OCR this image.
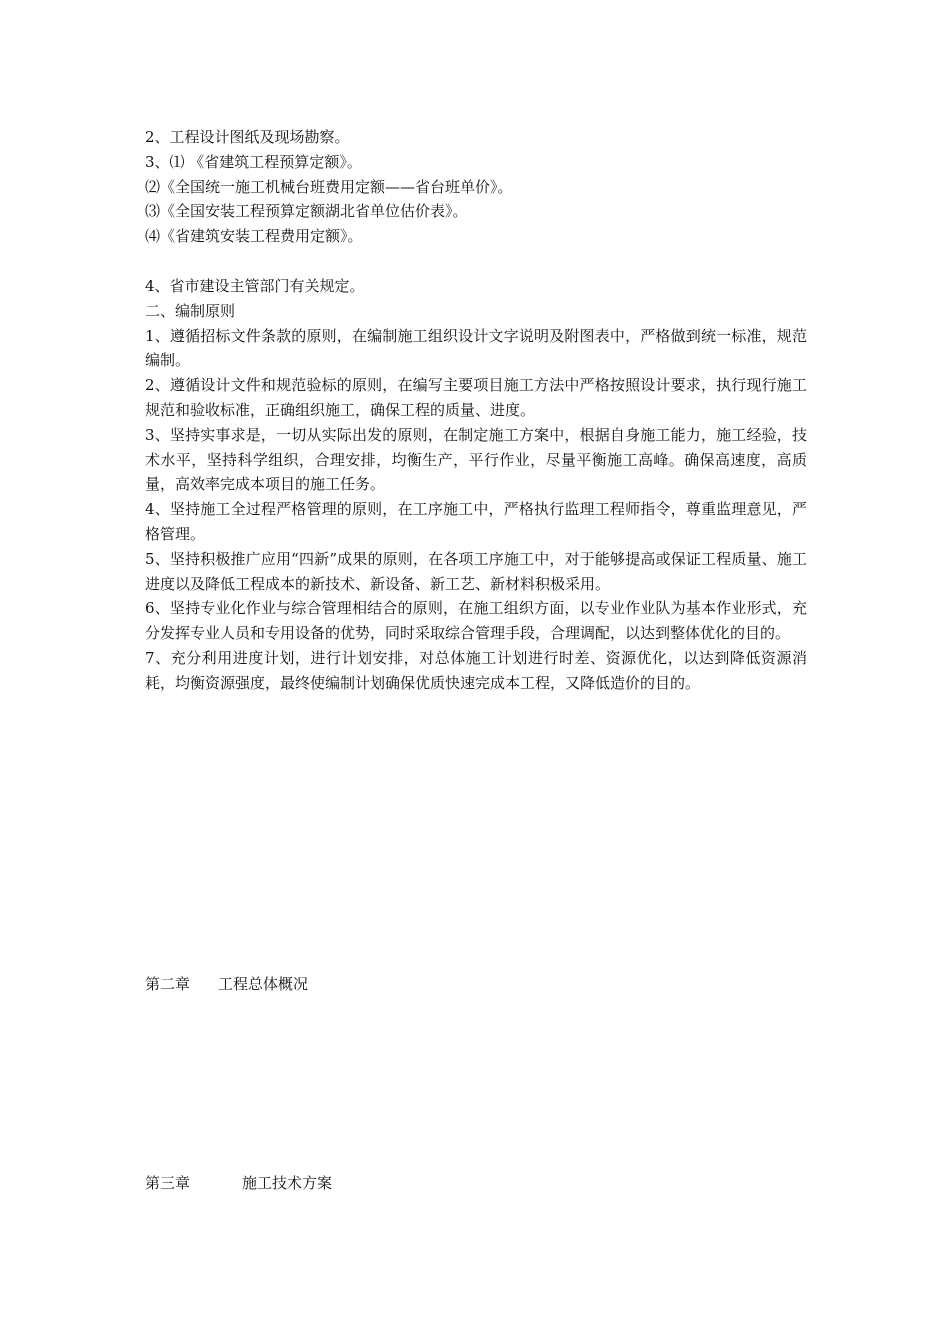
2、工程设计图纸及现场勘察。

3、⑴ 《省建筑工程预算定额》。

⑵《全国统一施工机械台班费用定额——省台班单价》。

⑶《全国安装工程预算定额湖北省单位估价表》。

⑷《省建筑安装工程费用定额》。

4、省市建设主管部门有关规定。

二、编制原则

1、遵循招标文件条款的原则，在编制施工组织设计文字说明及附图表中，严格做到统一标准，规范编制。

2、遵循设计文件和规范验标的原则，在编写主要项目施工方法中严格按照设计要求，执行现行施工规范和验收标准，正确组织施工，确保工程的质量、进度。

3、坚持实事求是，一切从实际出发的原则，在制定施工方案中，根据自身施工能力，施工经验，技术水平，坚持科学组织，合理安排，均衡生产，平行作业，尽量平衡施工高峰。确保高速度，高质量，高效率完成本项目的施工任务。

4、坚持施工全过程严格管理的原则，在工序施工中，严格执行监理工程师指令，尊重监理意见，严格管理。

5、坚持积极推广应用“四新”成果的原则，在各项工序施工中，对于能够提高或保证工程质量、施工进度以及降低工程成本的新技术、新设备、新工艺、新材料积极采用。

6、坚持专业化作业与综合管理相结合的原则，在施工组织方面，以专业作业队为基本作业形式，充分发挥专业人员和专用设备的优势，同时采取综合管理手段，合理调配，以达到整体优化的目的。

7、充分利用进度计划，进行计划安排，对总体施工计划进行时差、资源优化，以达到降低资源消耗，均衡资源强度，最终使编制计划确保优质快速完成本工程，又降低造价的目的。

第二章 工程总体概况
第三章	施工技术方案
